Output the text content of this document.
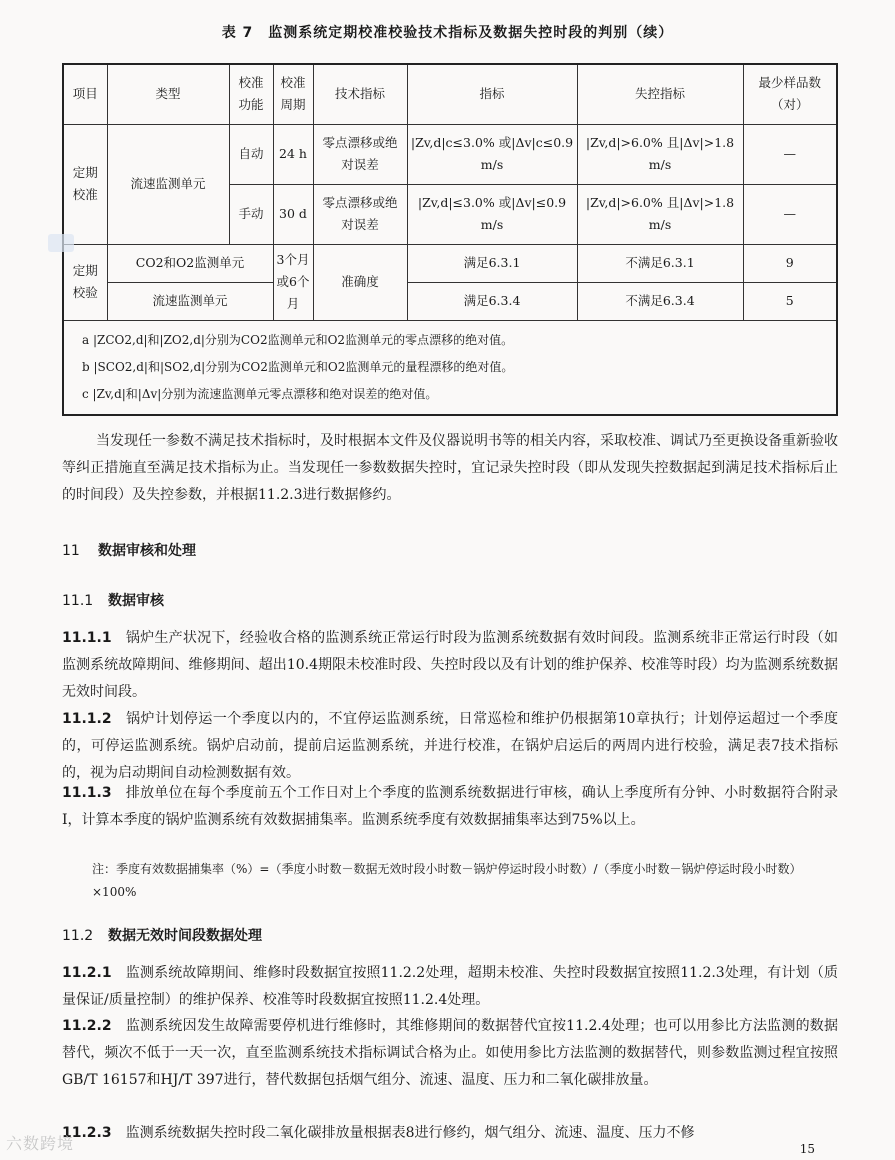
表 7　监测系统定期校准校验技术指标及数据失控时段的判别（续）
项目	类型	校准功能	校准周期	技术指标	指标	失控指标	最少样品数（对）
定期校准	流速监测单元	自动	24 h	零点漂移或绝对误差	|Zv,d|c≤3.0% 或|Δv|c≤0.9 m/s	|Zv,d|>6.0% 且|Δv|>1.8 m/s	—
		手动	30 d	零点漂移或绝对误差	|Zv,d|≤3.0% 或|Δv|≤0.9 m/s	|Zv,d|>6.0% 且|Δv|>1.8 m/s	—
定期校验	CO2和O2监测单元		3个月或6个月	准确度	满足6.3.1	不满足6.3.1	9
	流速监测单元				满足6.3.4	不满足6.3.4	5

a |ZCO2,d|和|ZO2,d|分别为CO2监测单元和O2监测单元的零点漂移的绝对值。
b |SCO2,d|和|SO2,d|分别为CO2监测单元和O2监测单元的量程漂移的绝对值。
c |Zv,d|和|Δv|分别为流速监测单元零点漂移和绝对误差的绝对值。							
当发现任一参数不满足技术指标时，及时根据本文件及仪器说明书等的相关内容，采取校准、调试乃至更换设备重新验收等纠正措施直至满足技术指标为止。当发现任一参数数据失控时，宜记录失控时段（即从发现失控数据起到满足技术指标后止的时间段）及失控参数，并根据11.2.3进行数据修约。
11 数据审核和处理
11.1 数据审核
11.1.1 锅炉生产状况下，经验收合格的监测系统正常运行时段为监测系统数据有效时间段。监测系统非正常运行时段（如监测系统故障期间、维修期间、超出10.4期限未校准时段、失控时段以及有计划的维护保养、校准等时段）均为监测系统数据无效时间段。
11.1.2 锅炉计划停运一个季度以内的，不宜停运监测系统，日常巡检和维护仍根据第10章执行；计划停运超过一个季度的，可停运监测系统。锅炉启动前，提前启运监测系统，并进行校准，在锅炉启运后的两周内进行校验，满足表7技术指标的，视为启动期间自动检测数据有效。
11.1.3 排放单位在每个季度前五个工作日对上个季度的监测系统数据进行审核，确认上季度所有分钟、小时数据符合附录I，计算本季度的锅炉监测系统有效数据捕集率。监测系统季度有效数据捕集率达到75%以上。
注：季度有效数据捕集率（%）=（季度小时数－数据无效时段小时数－锅炉停运时段小时数）/（季度小时数－锅炉停运时段小时数）×100%
11.2 数据无效时间段数据处理
11.2.1 监测系统故障期间、维修时段数据宜按照11.2.2处理，超期未校准、失控时段数据宜按照11.2.3处理，有计划（质量保证/质量控制）的维护保养、校准等时段数据宜按照11.2.4处理。
11.2.2 监测系统因发生故障需要停机进行维修时，其维修期间的数据替代宜按11.2.4处理；也可以用参比方法监测的数据替代，频次不低于一天一次，直至监测系统技术指标调试合格为止。如使用参比方法监测的数据替代，则参数监测过程宜按照GB/T 16157和HJ/T 397进行，替代数据包括烟气组分、流速、温度、压力和二氧化碳排放量。
11.2.3 监测系统数据失控时段二氧化碳排放量根据表8进行修约，烟气组分、流速、温度、压力不修
15
六数跨境
